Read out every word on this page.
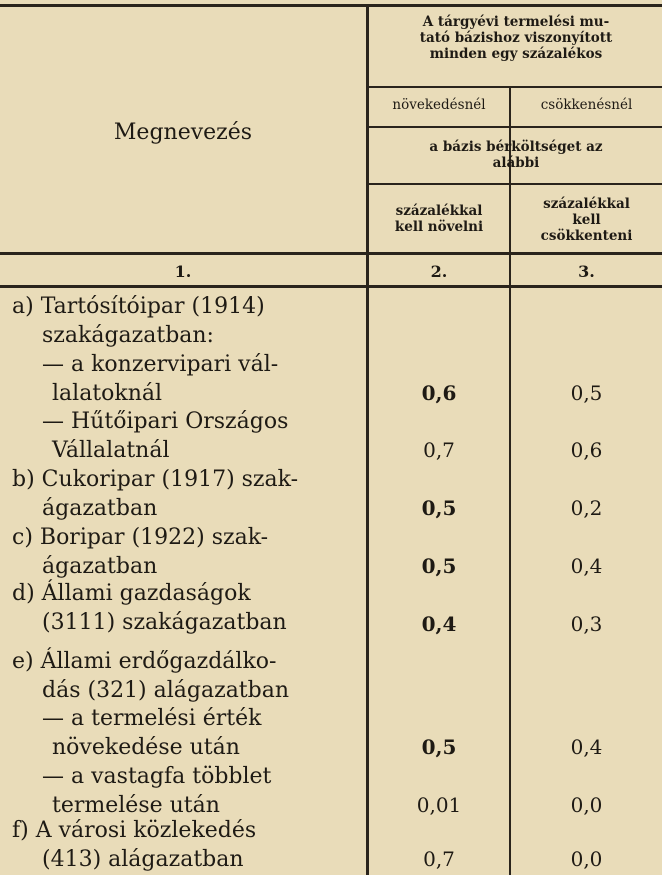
Megnevezés
A tárgyévi termelési mu-
tató bázishoz viszonyított
minden egy százalékos
növekedésnél	csökkenésnél
a bázis bérköltséget az
alábbi
százalékkal
kell növelni
százalékkal
kell
csökkenteni
1.	2.	3.
a) Tartósítóipar (1914)
szakágazatban:
— a konzervipari vál-
lalatoknál	0,6	0,5
— Hűtőipari Országos
Vállalatnál	0,7	0,6
b) Cukoripar (1917) szak-
ágazatban	0,5	0,2
c) Boripar (1922) szak-
ágazatban	0,5	0,4
d) Állami gazdaságok
(3111) szakágazatban	0,4	0,3
e) Állami erdőgazdálko-
dás (321) alágazatban
— a termelési érték
növekedése után	0,5	0,4
— a vastagfa többlet
termelése után	0,01	0,0
f) A városi közlekedés
(413) alágazatban	0,7	0,0
